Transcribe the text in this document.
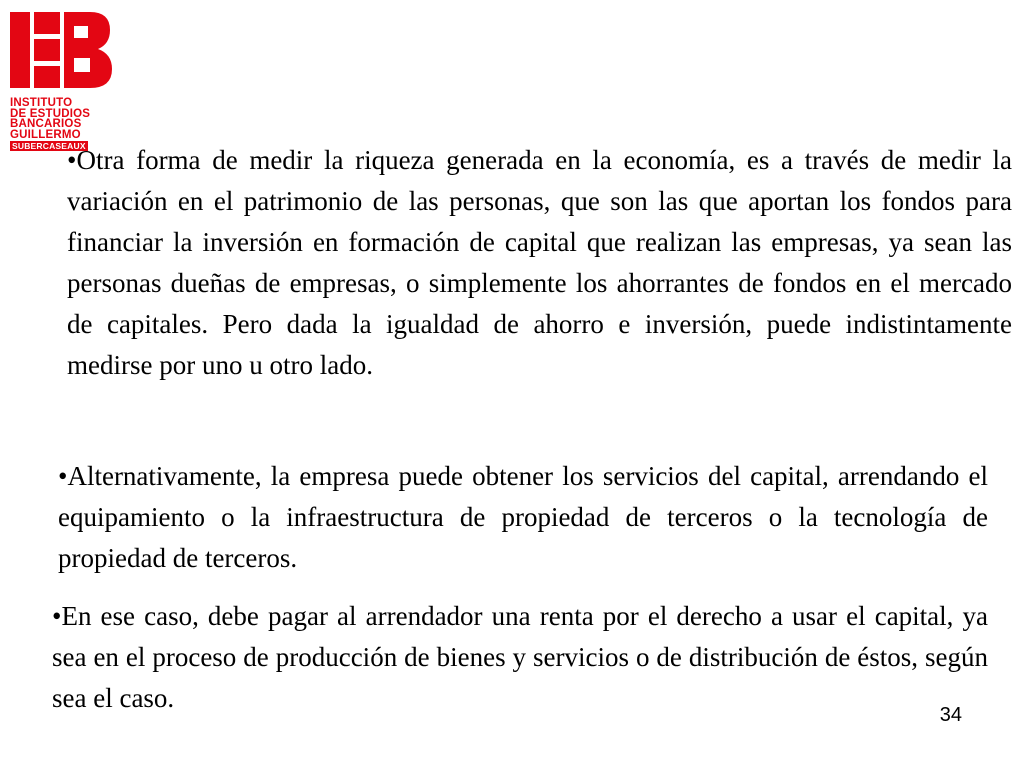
INSTITUTO
DE ESTUDIOS
BANCARIOS
GUILLERMO
SUBERCASEAUX

•Otra forma de medir la riqueza generada en la economía, es a través de medir la variación en el patrimonio de las personas, que son las que aportan los fondos para financiar la inversión en formación de capital que realizan las empresas, ya sean las personas dueñas de empresas, o simplemente los ahorrantes de fondos en el mercado de capitales. Pero dada la igualdad de ahorro e inversión, puede indistintamente medirse por uno u otro lado.

•Alternativamente, la empresa puede obtener los servicios del capital, arrendando el equipamiento o la infraestructura de propiedad de terceros o la tecnología de propiedad de terceros.

•En ese caso, debe pagar al arrendador una renta por el derecho a usar el capital, ya sea en el proceso de producción de bienes y servicios o de distribución de éstos, según sea el caso.

34
